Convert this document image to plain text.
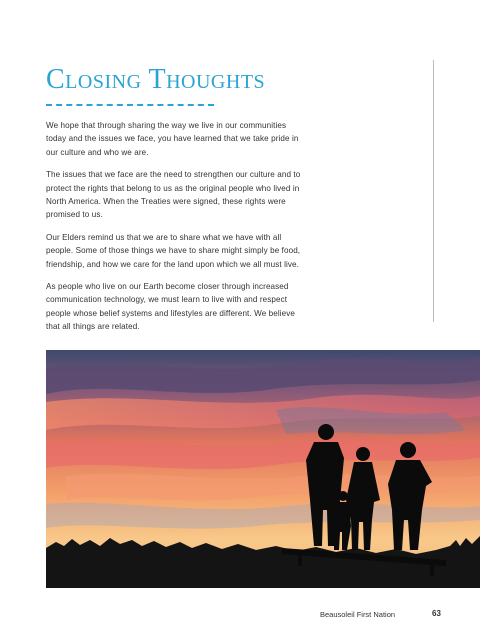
Closing Thoughts

We hope that through sharing the way we live in our communities today and the issues we face, you have learned that we take pride in our culture and who we are.

The issues that we face are the need to strengthen our culture and to protect the rights that belong to us as the original people who lived in North America. When the Treaties were signed, these rights were promised to us.

Our Elders remind us that we are to share what we have with all people. Some of those things we have to share might simply be food, friendship, and how we care for the land upon which we all must live.

As people who live on our Earth become closer through increased communication technology, we must learn to live with and respect people whose belief systems and lifestyles are different. We believe that all things are related.

Beausoleil First Nation	63
